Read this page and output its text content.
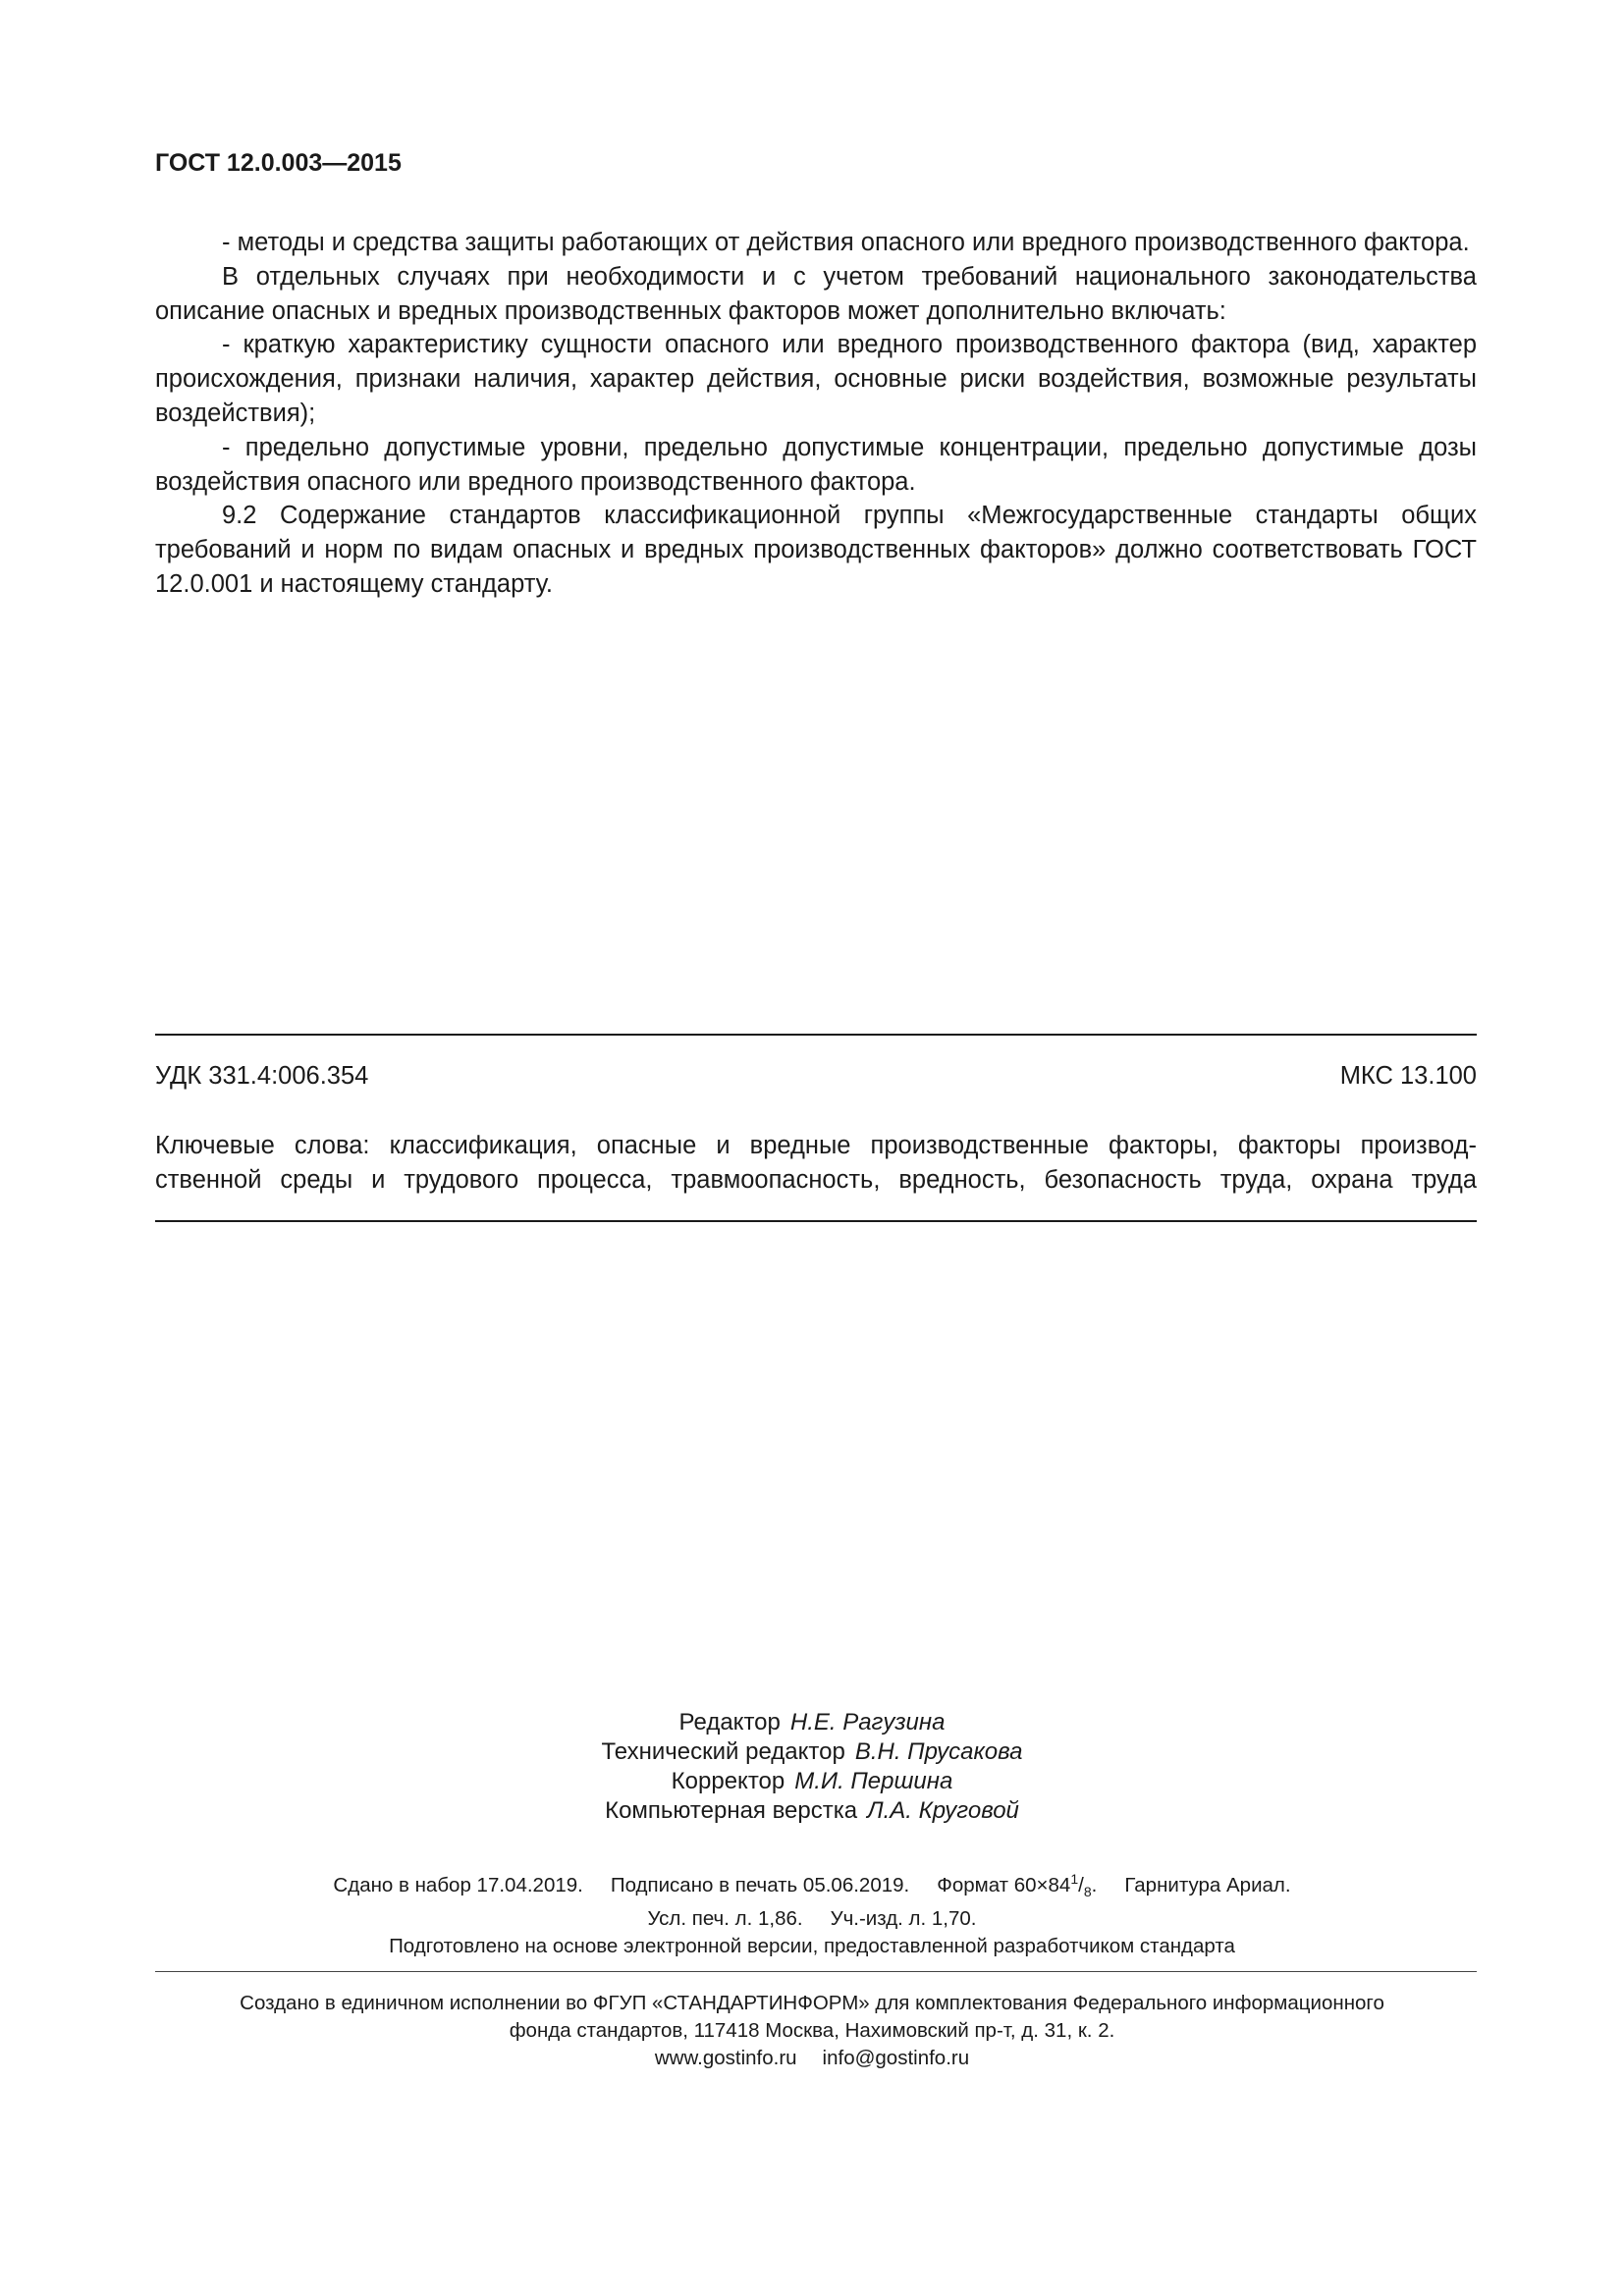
ГОСТ 12.0.003—2015

- методы и средства защиты работающих от действия опасного или вредного производственного фактора.

В отдельных случаях при необходимости и с учетом требований национального законодательства описание опасных и вредных производственных факторов может дополнительно включать:

- краткую характеристику сущности опасного или вредного производственного фактора (вид, характер происхождения, признаки наличия, характер действия, основные риски воздействия, возможные результаты воздействия);

- предельно допустимые уровни, предельно допустимые концентрации, предельно допустимые дозы воздействия опасного или вредного производственного фактора.

9.2 Содержание стандартов классификационной группы «Межгосударственные стандарты общих требований и норм по видам опасных и вредных производственных факторов» должно соответствовать ГОСТ 12.0.001 и настоящему стандарту.

УДК 331.4:006.354	МКС 13.100
Ключевые слова: классификация, опасные и вредные производственные факторы, факторы производ-
ственной среды и трудового процесса, травмоопасность, вредность, безопасность труда, охрана труда
Редактор Н.Е. Рагузина
Технический редактор В.Н. Прусакова
Корректор М.И. Першина
Компьютерная верстка Л.А. Круговой
Сдано в набор 17.04.2019. Подписано в печать 05.06.2019. Формат $60\times 84^1/_8$. Гарнитура Ариал.
Усл. печ. л. 1,86. Уч.-изд. л. 1,70.
Подготовлено на основе электронной версии, предоставленной разработчиком стандарта
Создано в единичном исполнении во ФГУП «СТАНДАРТИНФОРМ» для комплектования Федерального информационного
фонда стандартов, 117418 Москва, Нахимовский пр-т, д. 31, к. 2.
www.gostinfo.ru info@gostinfo.ru
